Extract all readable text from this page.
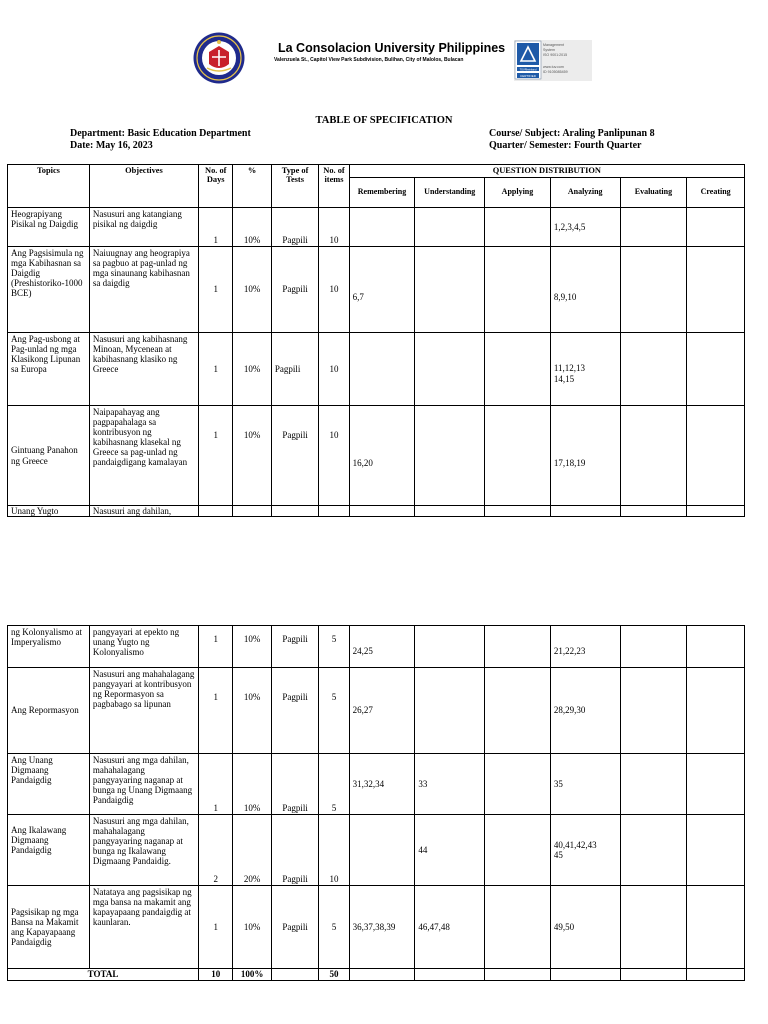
La Consolacion University Philippines
Valenzuela St., Capitol View Park Subdivision, Bulihan, City of Malolos, Bulacan
TÜVRheinland
CERTIFIED
Management
System
ISO 9001:2015
www.tuv.com
ID 9105085459
TABLE OF SPECIFICATION
Department: Basic Education Department
Date: May 16, 2023
Course/ Subject: Araling Panlipunan 8
Quarter/ Semester: Fourth Quarter
Topics	Objectives	No. of Days	%	Type of Tests	No. of items	QUESTION DISTRIBUTION					
						Remembering	Understanding	Applying	Analyzing	Evaluating	Creating
Heograpiyang Pisikal ng Daigdig	Nasusuri ang katangiang pisikal ng daigdig	1	10%	Pagpili	10				1,2,3,4,5		
Ang Pagsisimula ng mga Kabihasnan sa Daigdig (Preshistoriko-1000 BCE)	Naiuugnay ang heograpiya sa pagbuo at pag-unlad ng mga sinaunang kabihasnan sa daigdig	1	10%	Pagpili	10	6,7			8,9,10		
Ang Pag-usbong at Pag-unlad ng mga Klasikong Lipunan sa Europa	Nasusuri ang kabihasnang Minoan, Mycenean at kabihasnang klasiko ng Greece	1	10%	Pagpili	10				11,12,13
14,15		
Gintuang Panahon ng Greece	Naipapahayag ang pagpapahalaga sa kontribusyon ng kabihasnang klasekal ng Greece sa pag-unlad ng pandaigdigang kamalayan	1	10%	Pagpili	10	16,20			17,18,19		
Unang Yugto	Nasusuri ang dahilan,										
ng Kolonyalismo at Imperyalismo	pangyayari at epekto ng unang Yugto ng Kolonyalismo	1	10%	Pagpili	5	24,25			21,22,23		
Ang Repormasyon	Nasusuri ang mahahalagang pangyayari at kontribusyon ng Repormasyon sa pagbabago sa lipunan	1	10%	Pagpili	5	26,27			28,29,30		
Ang Unang Digmaang Pandaigdig	Nasusuri ang mga dahilan, mahahalagang pangyayaring naganap at bunga ng Unang Digmaang Pandaigdig	1	10%	Pagpili	5	31,32,34	33		35		
Ang Ikalawang Digmaang Pandaigdig	Nasusuri ang mga dahilan, mahahalagang pangyayaring naganap at bunga ng Ikalawang Digmaang Pandaidig.	2	20%	Pagpili	10		44		40,41,42,43
45		
Pagsisikap ng mga Bansa na Makamit ang Kapayapaang Pandaigdig	Natataya ang pagsisikap ng mga bansa na makamit ang kapayapaang pandaigdig at kaunlaran.	1	10%	Pagpili	5	36,37,38,39	46,47,48		49,50		
TOTAL		10	100%		50						
